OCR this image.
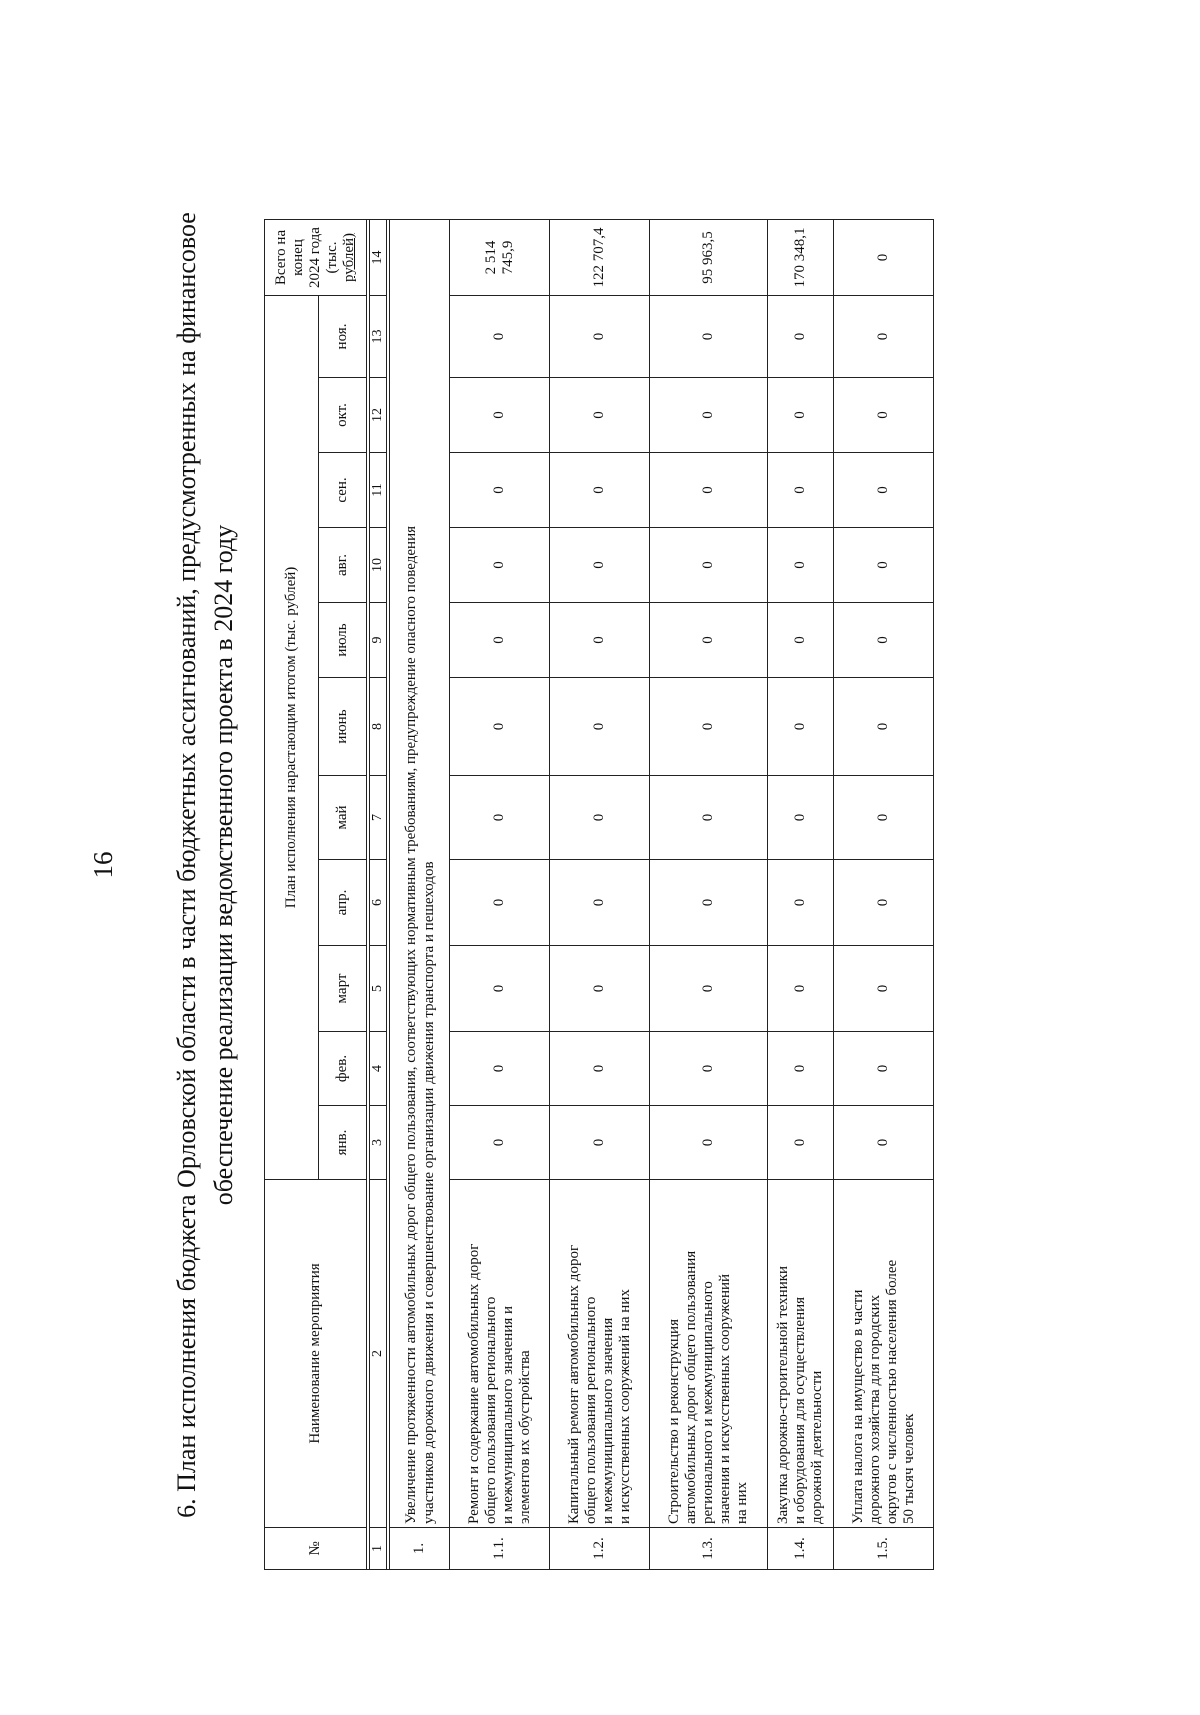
16 6. План исполнения бюджета Орловской области в части бюджетных ассигнований, предусмотренных на финансовое обеспечение реализации ведомственного проекта в 2024 году
№	Наименование мероприятия	План исполнения нарастающим итогом (тыс. рублей)											Всего на конец 2024 года (тыс. рублей)

		янв.	фев.	март	апр.	май	июнь	июль	авг.	сен.	окт.	ноя.	

1	2	3	4	5	6	7	8	9	10	11	12	13	14

1.	Увеличение протяженности автомобильных дорог общего пользования, соответствующих нормативным требованиям, предупреждение опасного поведения участников дорожного движения и совершенствование организации движения транспорта и пешеходов												

1.1.	Ремонт и содержание автомобильных дорог общего пользования регионального и межмуниципального значения и элементов их обустройства	0	0	0	0	0	0	0	0	0	0	0	2 514 745,9
1.2.	Капитальный ремонт автомобильных дорог общего пользования регионального и межмуниципального значения и искусственных сооружений на них	0	0	0	0	0	0	0	0	0	0	0	122 707,4
1.3.	Строительство и реконструкция автомобильных дорог общего пользования регионального и межмуниципального значения и искусственных сооружений на них	0	0	0	0	0	0	0	0	0	0	0	95 963,5
1.4.	Закупка дорожно-строительной техники и оборудования для осуществления дорожной деятельности	0	0	0	0	0	0	0	0	0	0	0	170 348,1
1.5.	Уплата налога на имущество в части дорожного хозяйства для городских округов с численностью населения более 50 тысяч человек	0	0	0	0	0	0	0	0	0	0	0	0
